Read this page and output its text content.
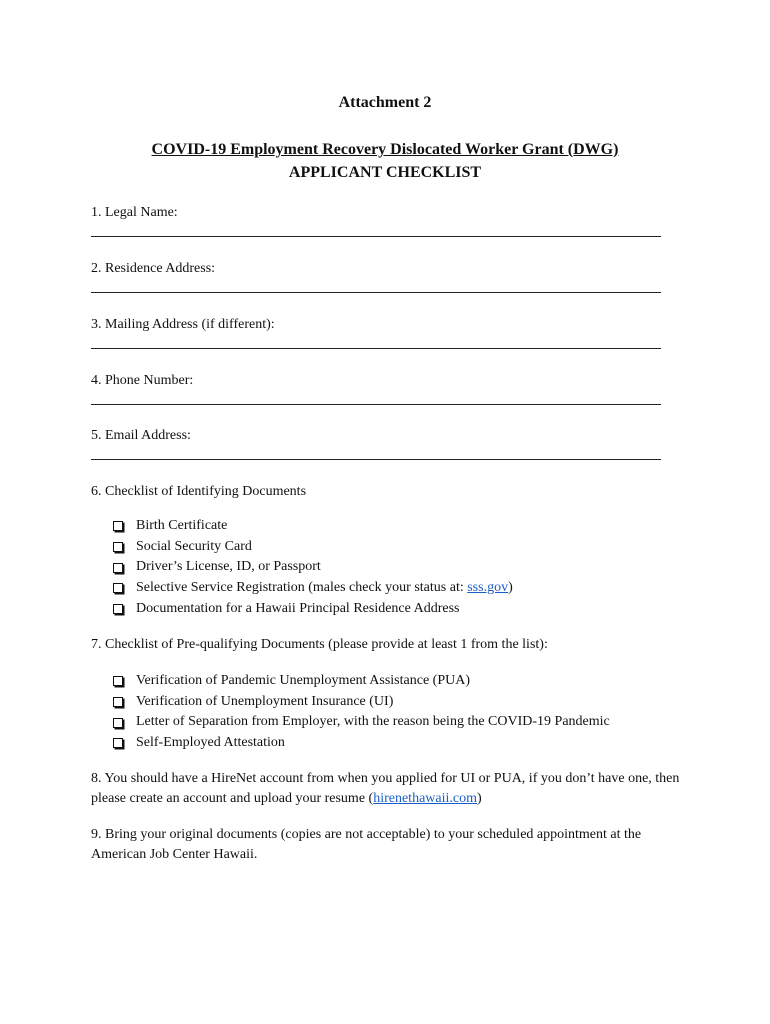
Attachment 2
COVID-19 Employment Recovery Dislocated Worker Grant (DWG)
APPLICANT CHECKLIST
1. Legal Name:
2. Residence Address:
3. Mailing Address (if different):
4. Phone Number:
5. Email Address:
6. Checklist of Identifying Documents
Birth Certificate
Social Security Card
Driver’s License, ID, or Passport
Selective Service Registration (males check your status at: sss.gov)
Documentation for a Hawaii Principal Residence Address
7. Checklist of Pre-qualifying Documents (please provide at least 1 from the list):
Verification of Pandemic Unemployment Assistance (PUA)
Verification of Unemployment Insurance (UI)
Letter of Separation from Employer, with the reason being the COVID-19 Pandemic
Self-Employed Attestation
8. You should have a HireNet account from when you applied for UI or PUA, if you don’t have one, then please create an account and upload your resume (hirenethawaii.com)
9. Bring your original documents (copies are not acceptable) to your scheduled appointment at the American Job Center Hawaii.
